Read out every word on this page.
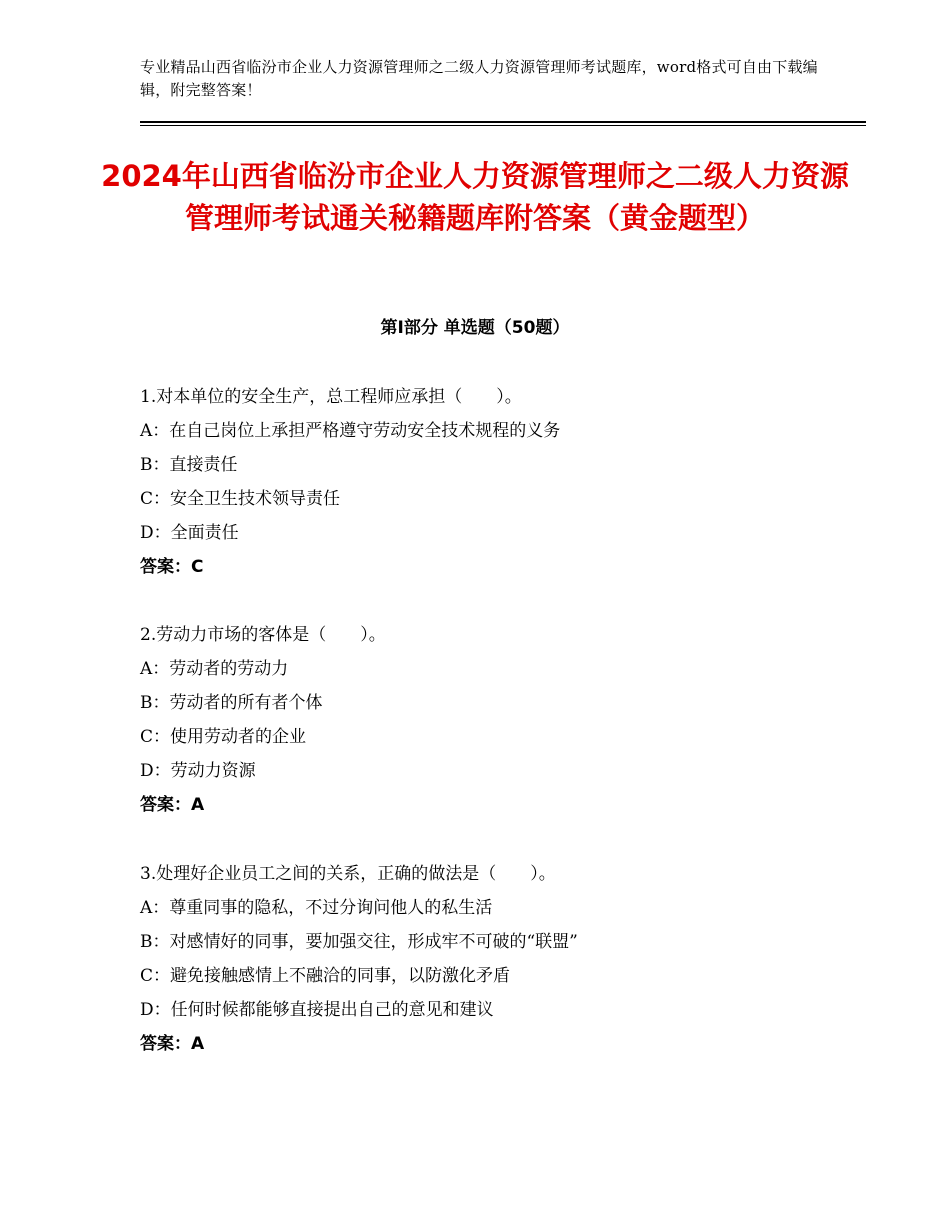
专业精品山西省临汾市企业人力资源管理师之二级人力资源管理师考试题库，word格式可自由下载编辑，附完整答案！
2024年山西省临汾市企业人力资源管理师之二级人力资源管理师考试通关秘籍题库附答案（黄金题型）
第Ⅰ部分 单选题（50题）
1.对本单位的安全生产，总工程师应承担（　　）。
A：在自己岗位上承担严格遵守劳动安全技术规程的义务
B：直接责任
C：安全卫生技术领导责任
D：全面责任
答案：C
2.劳动力市场的客体是（　　）。
A：劳动者的劳动力
B：劳动者的所有者个体
C：使用劳动者的企业
D：劳动力资源
答案：A
3.处理好企业员工之间的关系，正确的做法是（　　）。
A：尊重同事的隐私，不过分询问他人的私生活
B：对感情好的同事，要加强交往，形成牢不可破的“联盟”
C：避免接触感情上不融洽的同事，以防激化矛盾
D：任何时候都能够直接提出自己的意见和建议
答案：A
